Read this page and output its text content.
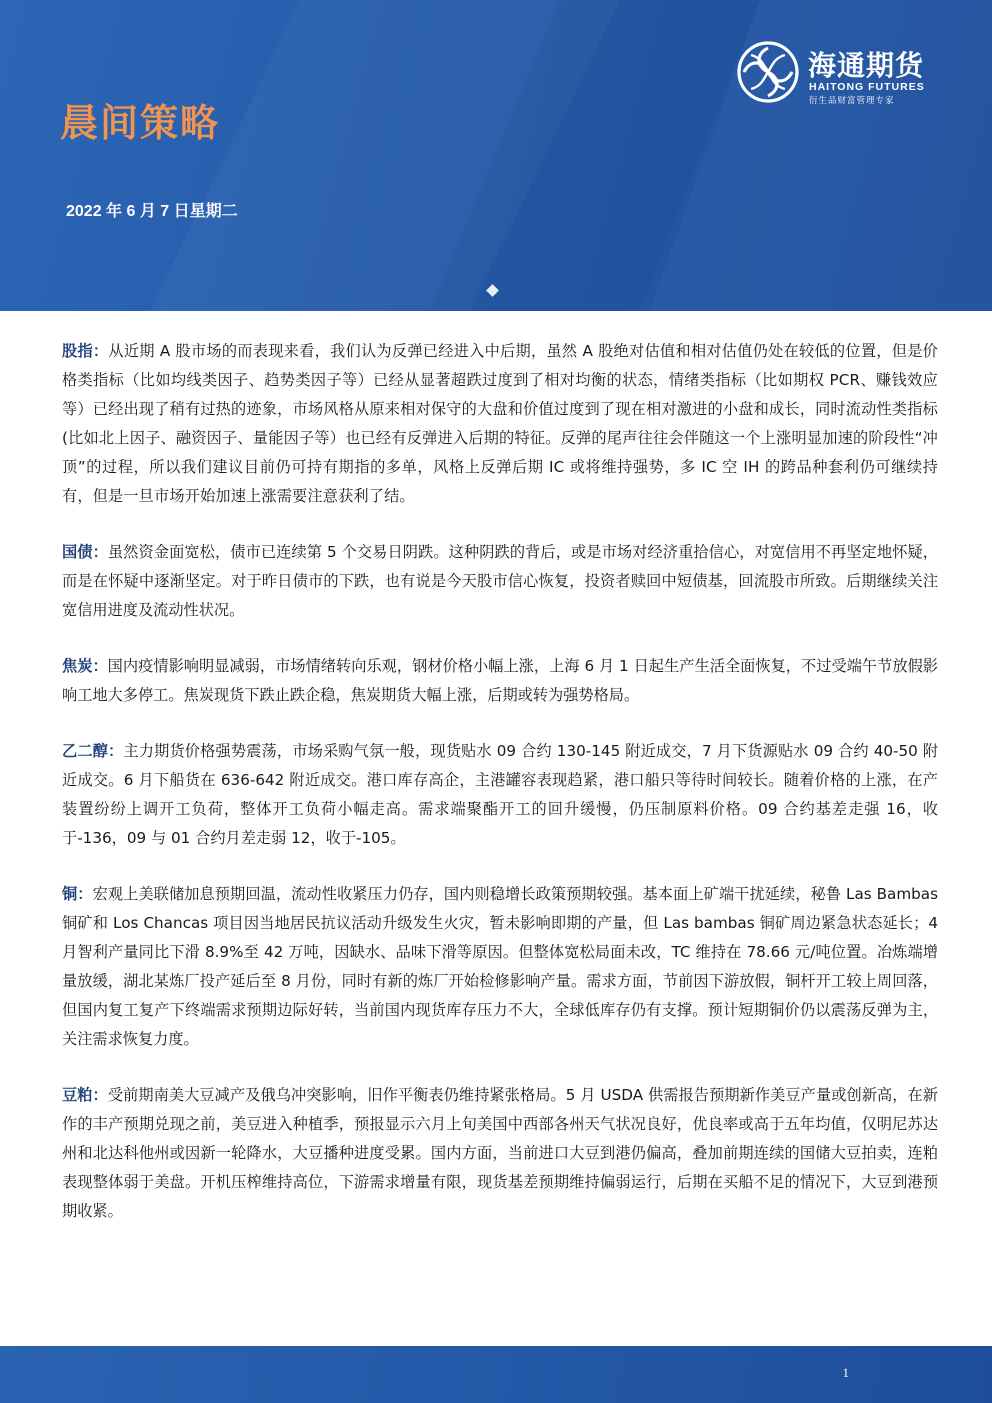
晨间策略
2022 年 6 月 7 日星期二
海通期货
HAITONG FUTURES
衍生品财富管理专家

股指：从近期 A 股市场的而表现来看，我们认为反弹已经进入中后期，虽然 A 股绝对估值和相对估值仍处在较低的位置，但是价格类指标（比如均线类因子、趋势类因子等）已经从显著超跌过度到了相对均衡的状态，情绪类指标（比如期权 PCR、赚钱效应等）已经出现了稍有过热的迹象，市场风格从原来相对保守的大盘和价值过度到了现在相对激进的小盘和成长，同时流动性类指标(比如北上因子、融资因子、量能因子等）也已经有反弹进入后期的特征。反弹的尾声往往会伴随这一个上涨明显加速的阶段性“冲顶”的过程，所以我们建议目前仍可持有期指的多单，风格上反弹后期 IC 或将维持强势，多 IC 空 IH 的跨品种套利仍可继续持有，但是一旦市场开始加速上涨需要注意获利了结。

国债：虽然资金面宽松，债市已连续第 5 个交易日阴跌。这种阴跌的背后，或是市场对经济重拾信心，对宽信用不再坚定地怀疑，而是在怀疑中逐渐坚定。对于昨日债市的下跌，也有说是今天股市信心恢复，投资者赎回中短债基，回流股市所致。后期继续关注宽信用进度及流动性状况。

焦炭：国内疫情影响明显减弱，市场情绪转向乐观，钢材价格小幅上涨，上海 6 月 1 日起生产生活全面恢复，不过受端午节放假影响工地大多停工。焦炭现货下跌止跌企稳，焦炭期货大幅上涨，后期或转为强势格局。

乙二醇：主力期货价格强势震荡，市场采购气氛一般，现货贴水 09 合约 130-145 附近成交，7 月下货源贴水 09 合约 40-50 附近成交。6 月下船货在 636-642 附近成交。港口库存高企，主港罐容表现趋紧，港口船只等待时间较长。随着价格的上涨，在产装置纷纷上调开工负荷，整体开工负荷小幅走高。需求端聚酯开工的回升缓慢，仍压制原料价格。09 合约基差走强 16，收于-136，09 与 01 合约月差走弱 12，收于-105。

铜：宏观上美联储加息预期回温，流动性收紧压力仍存，国内则稳增长政策预期较强。基本面上矿端干扰延续，秘鲁 Las Bambas 铜矿和 Los Chancas 项目因当地居民抗议活动升级发生火灾，暂未影响即期的产量，但 Las bambas 铜矿周边紧急状态延长；4 月智利产量同比下滑 8.9%至 42 万吨，因缺水、品味下滑等原因。但整体宽松局面未改，TC 维持在 78.66 元/吨位置。冶炼端增量放缓，湖北某炼厂投产延后至 8 月份，同时有新的炼厂开始检修影响产量。需求方面，节前因下游放假，铜杆开工较上周回落，但国内复工复产下终端需求预期边际好转，当前国内现货库存压力不大，全球低库存仍有支撑。预计短期铜价仍以震荡反弹为主，关注需求恢复力度。

豆粕：受前期南美大豆减产及俄乌冲突影响，旧作平衡表仍维持紧张格局。5 月 USDA 供需报告预期新作美豆产量或创新高，在新作的丰产预期兑现之前，美豆进入种植季，预报显示六月上旬美国中西部各州天气状况良好，优良率或高于五年均值，仅明尼苏达州和北达科他州或因新一轮降水，大豆播种进度受累。国内方面，当前进口大豆到港仍偏高，叠加前期连续的国储大豆拍卖，连粕表现整体弱于美盘。开机压榨维持高位，下游需求增量有限，现货基差预期维持偏弱运行，后期在买船不足的情况下，大豆到港预期收紧。

1
